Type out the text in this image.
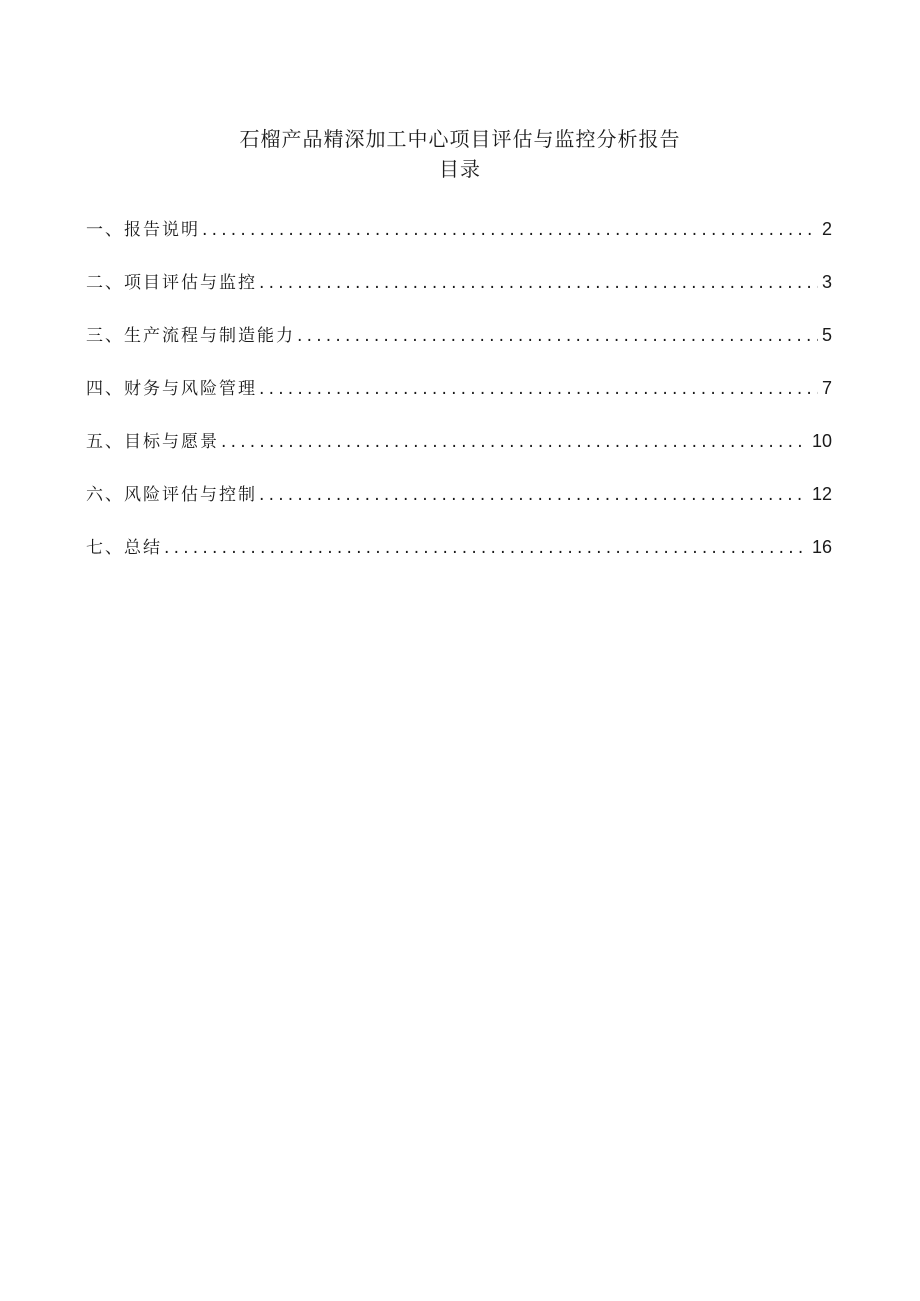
石榴产品精深加工中心项目评估与监控分析报告
目录
一、报告说明 .....	2
二、项目评估与监控 .....	3
三、生产流程与制造能力 .....	5
四、财务与风险管理 .....	7
五、目标与愿景 .....	10
六、风险评估与控制 .....	12
七、总结 .....	16
